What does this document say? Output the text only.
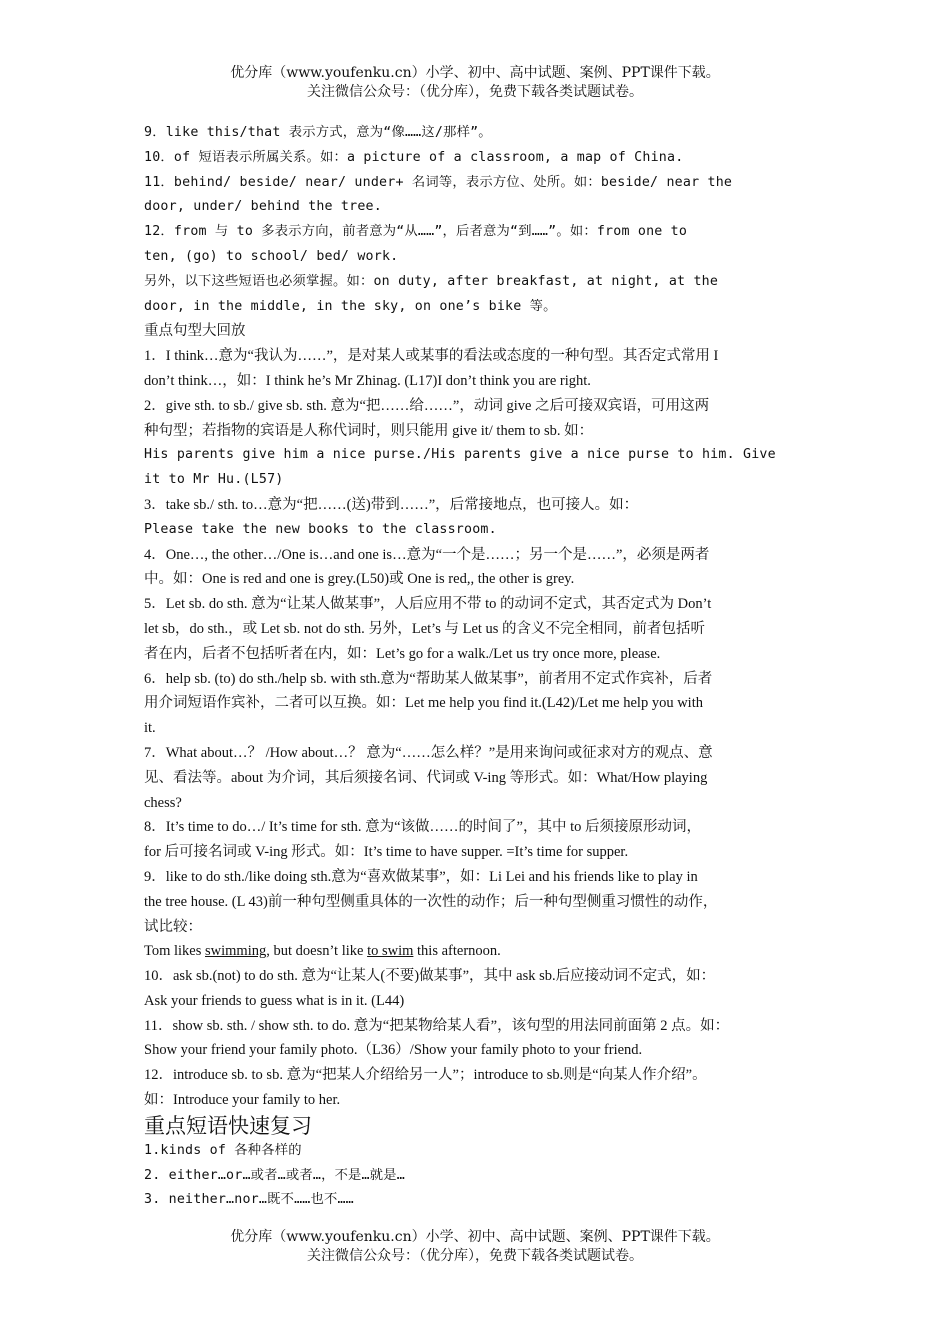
优分库（www.youfenku.cn）小学、初中、高中试题、案例、PPT课件下载。
关注微信公众号：（优分库），免费下载各类试题试卷。
9．like this/that 表示方式，意为“像……这/那样”。
10．of 短语表示所属关系。如：a picture of a classroom, a map of China.
11．behind/ beside/ near/ under+ 名词等，表示方位、处所。如：beside/ near the
door, under/ behind the tree.
12．from 与 to 多表示方向，前者意为“从……”，后者意为“到……”。如：from one to
ten, (go) to school/ bed/ work.
另外，以下这些短语也必须掌握。如：on duty, after breakfast, at night, at the
door, in the middle, in the sky, on one’s bike 等。
重点句型大回放
1．I think…意为“我认为……”，是对某人或某事的看法或态度的一种句型。其否定式常用 I
don’t think…，如：I think he’s Mr Zhinag. (L17)I don’t think you are right.
2．give sth. to sb./ give sb. sth. 意为“把……给……”，动词 give 之后可接双宾语，可用这两
种句型；若指物的宾语是人称代词时，则只能用 give it/ them to sb. 如：
His parents give him a nice purse./His parents give a nice purse to him. Give
it to Mr Hu.(L57)
3．take sb./ sth. to…意为“把……(送)带到……”，后常接地点，也可接人。如：
Please take the new books to the classroom.
4．One…, the other…/One is…and one is…意为“一个是……；另一个是……”，必须是两者
中。如：One is red and one is grey.(L50)或 One is red,, the other is grey.
5．Let sb. do sth. 意为“让某人做某事”，人后应用不带 to 的动词不定式，其否定式为 Don’t
let sb，do sth.，或 Let sb. not do sth. 另外，Let’s 与 Let us 的含义不完全相同，前者包括听
者在内，后者不包括听者在内，如：Let’s go for a walk./Let us try once more, please.
6．help sb. (to) do sth./help sb. with sth.意为“帮助某人做某事”，前者用不定式作宾补，后者
用介词短语作宾补，二者可以互换。如：Let me help you find it.(L42)/Let me help you with
it.
7．What about…？ /How about…？ 意为“……怎么样？”是用来询问或征求对方的观点、意
见、看法等。about 为介词，其后须接名词、代词或 V-ing 等形式。如：What/How playing
chess?
8．It’s time to do…/ It’s time for sth. 意为“该做……的时间了”，其中 to 后须接原形动词，
for 后可接名词或 V-ing 形式。如：It’s time to have supper. =It’s time for supper.
9．like to do sth./like doing sth.意为“喜欢做某事”，如：Li Lei and his friends like to play in
the tree house. (L 43)前一种句型侧重具体的一次性的动作；后一种句型侧重习惯性的动作，
试比较：
Tom likes swimming, but doesn’t like to swim this afternoon.
10．ask sb.(not) to do sth. 意为“让某人(不要)做某事”，其中 ask sb.后应接动词不定式，如：
Ask your friends to guess what is in it. (L44)
11．show sb. sth. / show sth. to do. 意为“把某物给某人看”，该句型的用法同前面第 2 点。如：
Show your friend your family photo.（L36）/Show your family photo to your friend.
12．introduce sb. to sb. 意为“把某人介绍给另一人”；introduce to sb.则是“向某人作介绍”。
如：Introduce your family to her.
重点短语快速复习
1.kinds of 各种各样的
2. either…or…或者…或者…，不是…就是…
3. neither…nor…既不……也不……
优分库（www.youfenku.cn）小学、初中、高中试题、案例、PPT课件下载。
关注微信公众号：（优分库），免费下载各类试题试卷。
